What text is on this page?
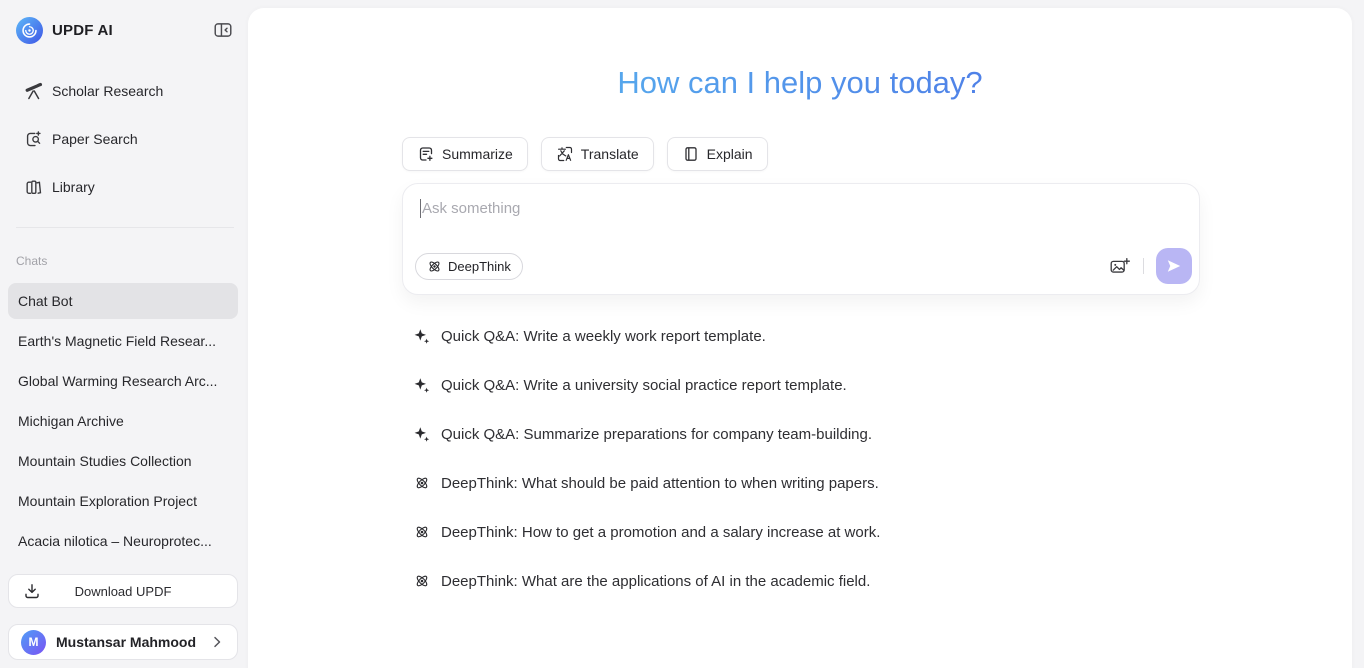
UPDF AI
Scholar Research
Paper Search
Library
Chats
Chat Bot
Earth's Magnetic Field Resear...
Global Warming Research Arc...
Michigan Archive
Mountain Studies Collection
Mountain Exploration Project
Acacia nilotica – Neuroprotec...
Download UPDF
M	Mustansar Mahmood
How can I help you today?
Summarize	Translate	Explain
Ask something
DeepThink
Quick Q&A: Write a weekly work report template.
Quick Q&A: Write a university social practice report template.
Quick Q&A: Summarize preparations for company team-building.
DeepThink: What should be paid attention to when writing papers.
DeepThink: How to get a promotion and a salary increase at work.
DeepThink: What are the applications of AI in the academic field.
